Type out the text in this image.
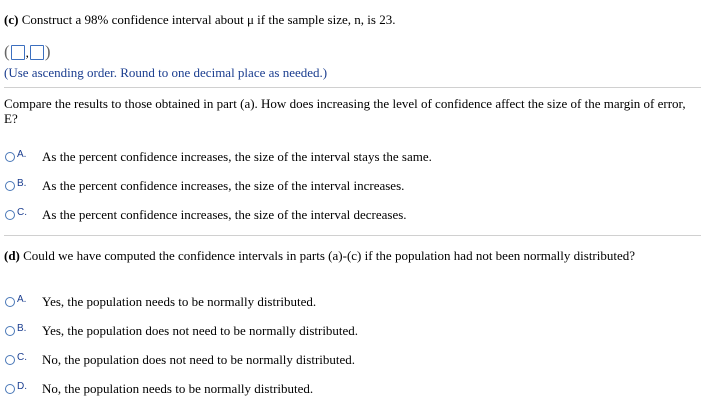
(c) Construct a 98% confidence interval about μ if the sample size, n, is 23.
( , )
(Use ascending order. Round to one decimal place as needed.)
Compare the results to those obtained in part (a). How does increasing the level of confidence affect the size of the margin of error, E?
A.	As the percent confidence increases, the size of the interval stays the same.
B.	As the percent confidence increases, the size of the interval increases.
C.	As the percent confidence increases, the size of the interval decreases.
(d) Could we have computed the confidence intervals in parts (a)-(c) if the population had not been normally distributed?
A.	Yes, the population needs to be normally distributed.
B.	Yes, the population does not need to be normally distributed.
C.	No, the population does not need to be normally distributed.
D.	No, the population needs to be normally distributed.
